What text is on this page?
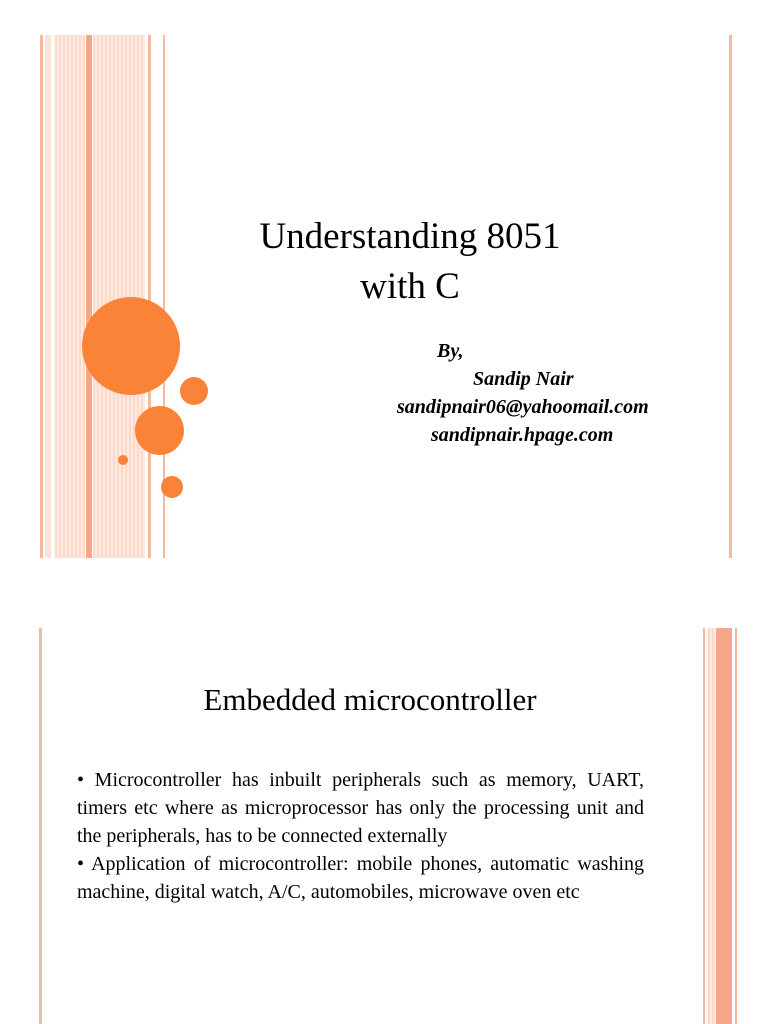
Understanding 8051
with C
By,
Sandip Nair
sandipnair06@yahoomail.com
sandipnair.hpage.com
Embedded microcontroller

• Microcontroller has inbuilt peripherals such as memory, UART, timers etc where as microprocessor has only the processing unit and the peripherals, has to be connected externally

• Application of microcontroller: mobile phones, automatic washing machine, digital watch, A/C, automobiles, microwave oven etc
